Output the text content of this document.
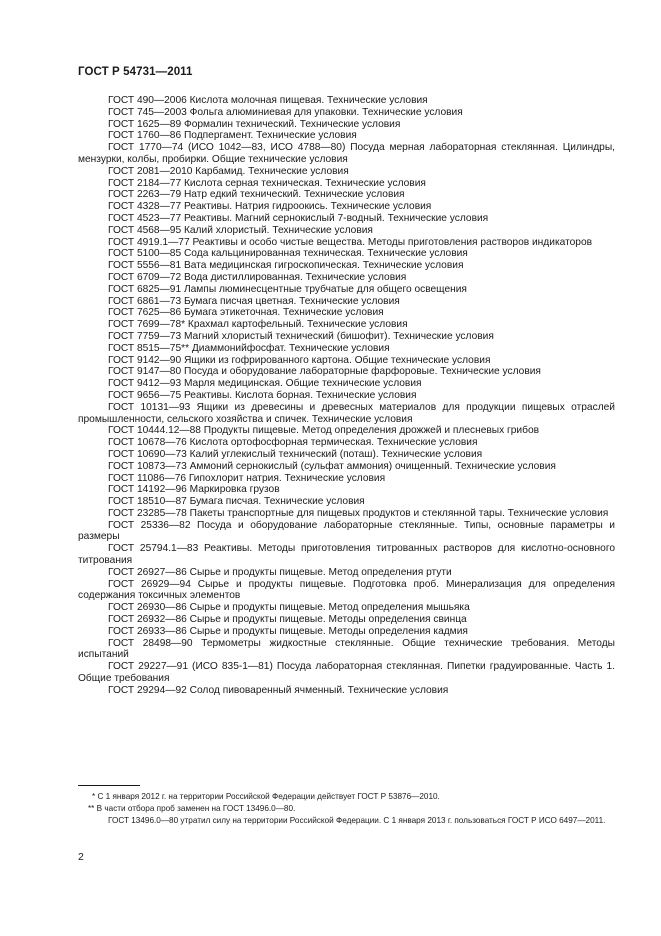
ГОСТ Р 54731—2011

ГОСТ 490—2006 Кислота молочная пищевая. Технические условия

ГОСТ 745—2003 Фольга алюминиевая для упаковки. Технические условия

ГОСТ 1625—89 Формалин технический. Технические условия

ГОСТ 1760—86 Подпергамент. Технические условия

ГОСТ 1770—74 (ИСО 1042—83, ИСО 4788—80) Посуда мерная лабораторная стеклянная. Цилиндры, мензурки, колбы, пробирки. Общие технические условия

ГОСТ 2081—2010 Карбамид. Технические условия

ГОСТ 2184—77 Кислота серная техническая. Технические условия

ГОСТ 2263—79 Натр едкий технический. Технические условия

ГОСТ 4328—77 Реактивы. Натрия гидроокись. Технические условия

ГОСТ 4523—77 Реактивы. Магний сернокислый 7-водный. Технические условия

ГОСТ 4568—95 Калий хлористый. Технические условия

ГОСТ 4919.1—77 Реактивы и особо чистые вещества. Методы приготовления растворов индикаторов

ГОСТ 5100—85 Сода кальцинированная техническая. Технические условия

ГОСТ 5556—81 Вата медицинская гигроскопическая. Технические условия

ГОСТ 6709—72 Вода дистиллированная. Технические условия

ГОСТ 6825—91 Лампы люминесцентные трубчатые для общего освещения

ГОСТ 6861—73 Бумага писчая цветная. Технические условия

ГОСТ 7625—86 Бумага этикеточная. Технические условия

ГОСТ 7699—78* Крахмал картофельный. Технические условия

ГОСТ 7759—73 Магний хлористый технический (бишофит). Технические условия

ГОСТ 8515—75** Диаммонийфосфат. Технические условия

ГОСТ 9142—90 Ящики из гофрированного картона. Общие технические условия

ГОСТ 9147—80 Посуда и оборудование лабораторные фарфоровые. Технические условия

ГОСТ 9412—93 Марля медицинская. Общие технические условия

ГОСТ 9656—75 Реактивы. Кислота борная. Технические условия

ГОСТ 10131—93 Ящики из древесины и древесных материалов для продукции пищевых отраслей промышленности, сельского хозяйства и спичек. Технические условия

ГОСТ 10444.12—88 Продукты пищевые. Метод определения дрожжей и плесневых грибов

ГОСТ 10678—76 Кислота ортофосфорная термическая. Технические условия

ГОСТ 10690—73 Калий углекислый технический (поташ). Технические условия

ГОСТ 10873—73 Аммоний сернокислый (сульфат аммония) очищенный. Технические условия

ГОСТ 11086—76 Гипохлорит натрия. Технические условия

ГОСТ 14192—96 Маркировка грузов

ГОСТ 18510—87 Бумага писчая. Технические условия

ГОСТ 23285—78 Пакеты транспортные для пищевых продуктов и стеклянной тары. Технические условия

ГОСТ 25336—82 Посуда и оборудование лабораторные стеклянные. Типы, основные параметры и размеры

ГОСТ 25794.1—83 Реактивы. Методы приготовления титрованных растворов для кислотно-основного титрования

ГОСТ 26927—86 Сырье и продукты пищевые. Метод определения ртути

ГОСТ 26929—94 Сырье и продукты пищевые. Подготовка проб. Минерализация для определения содержания токсичных элементов

ГОСТ 26930—86 Сырье и продукты пищевые. Метод определения мышьяка

ГОСТ 26932—86 Сырье и продукты пищевые. Методы определения свинца

ГОСТ 26933—86 Сырье и продукты пищевые. Методы определения кадмия

ГОСТ 28498—90 Термометры жидкостные стеклянные. Общие технические требования. Методы испытаний

ГОСТ 29227—91 (ИСО 835-1—81) Посуда лабораторная стеклянная. Пипетки градуированные. Часть 1. Общие требования

ГОСТ 29294—92 Солод пивоваренный ячменный. Технические условия

* С 1 января 2012 г. на территории Российской Федерации действует ГОСТ Р 53876—2010.

** В части отбора проб заменен на ГОСТ 13496.0—80.

ГОСТ 13496.0—80 утратил силу на территории Российской Федерации. С 1 января 2013 г. пользоваться ГОСТ Р ИСО 6497—2011.

2
